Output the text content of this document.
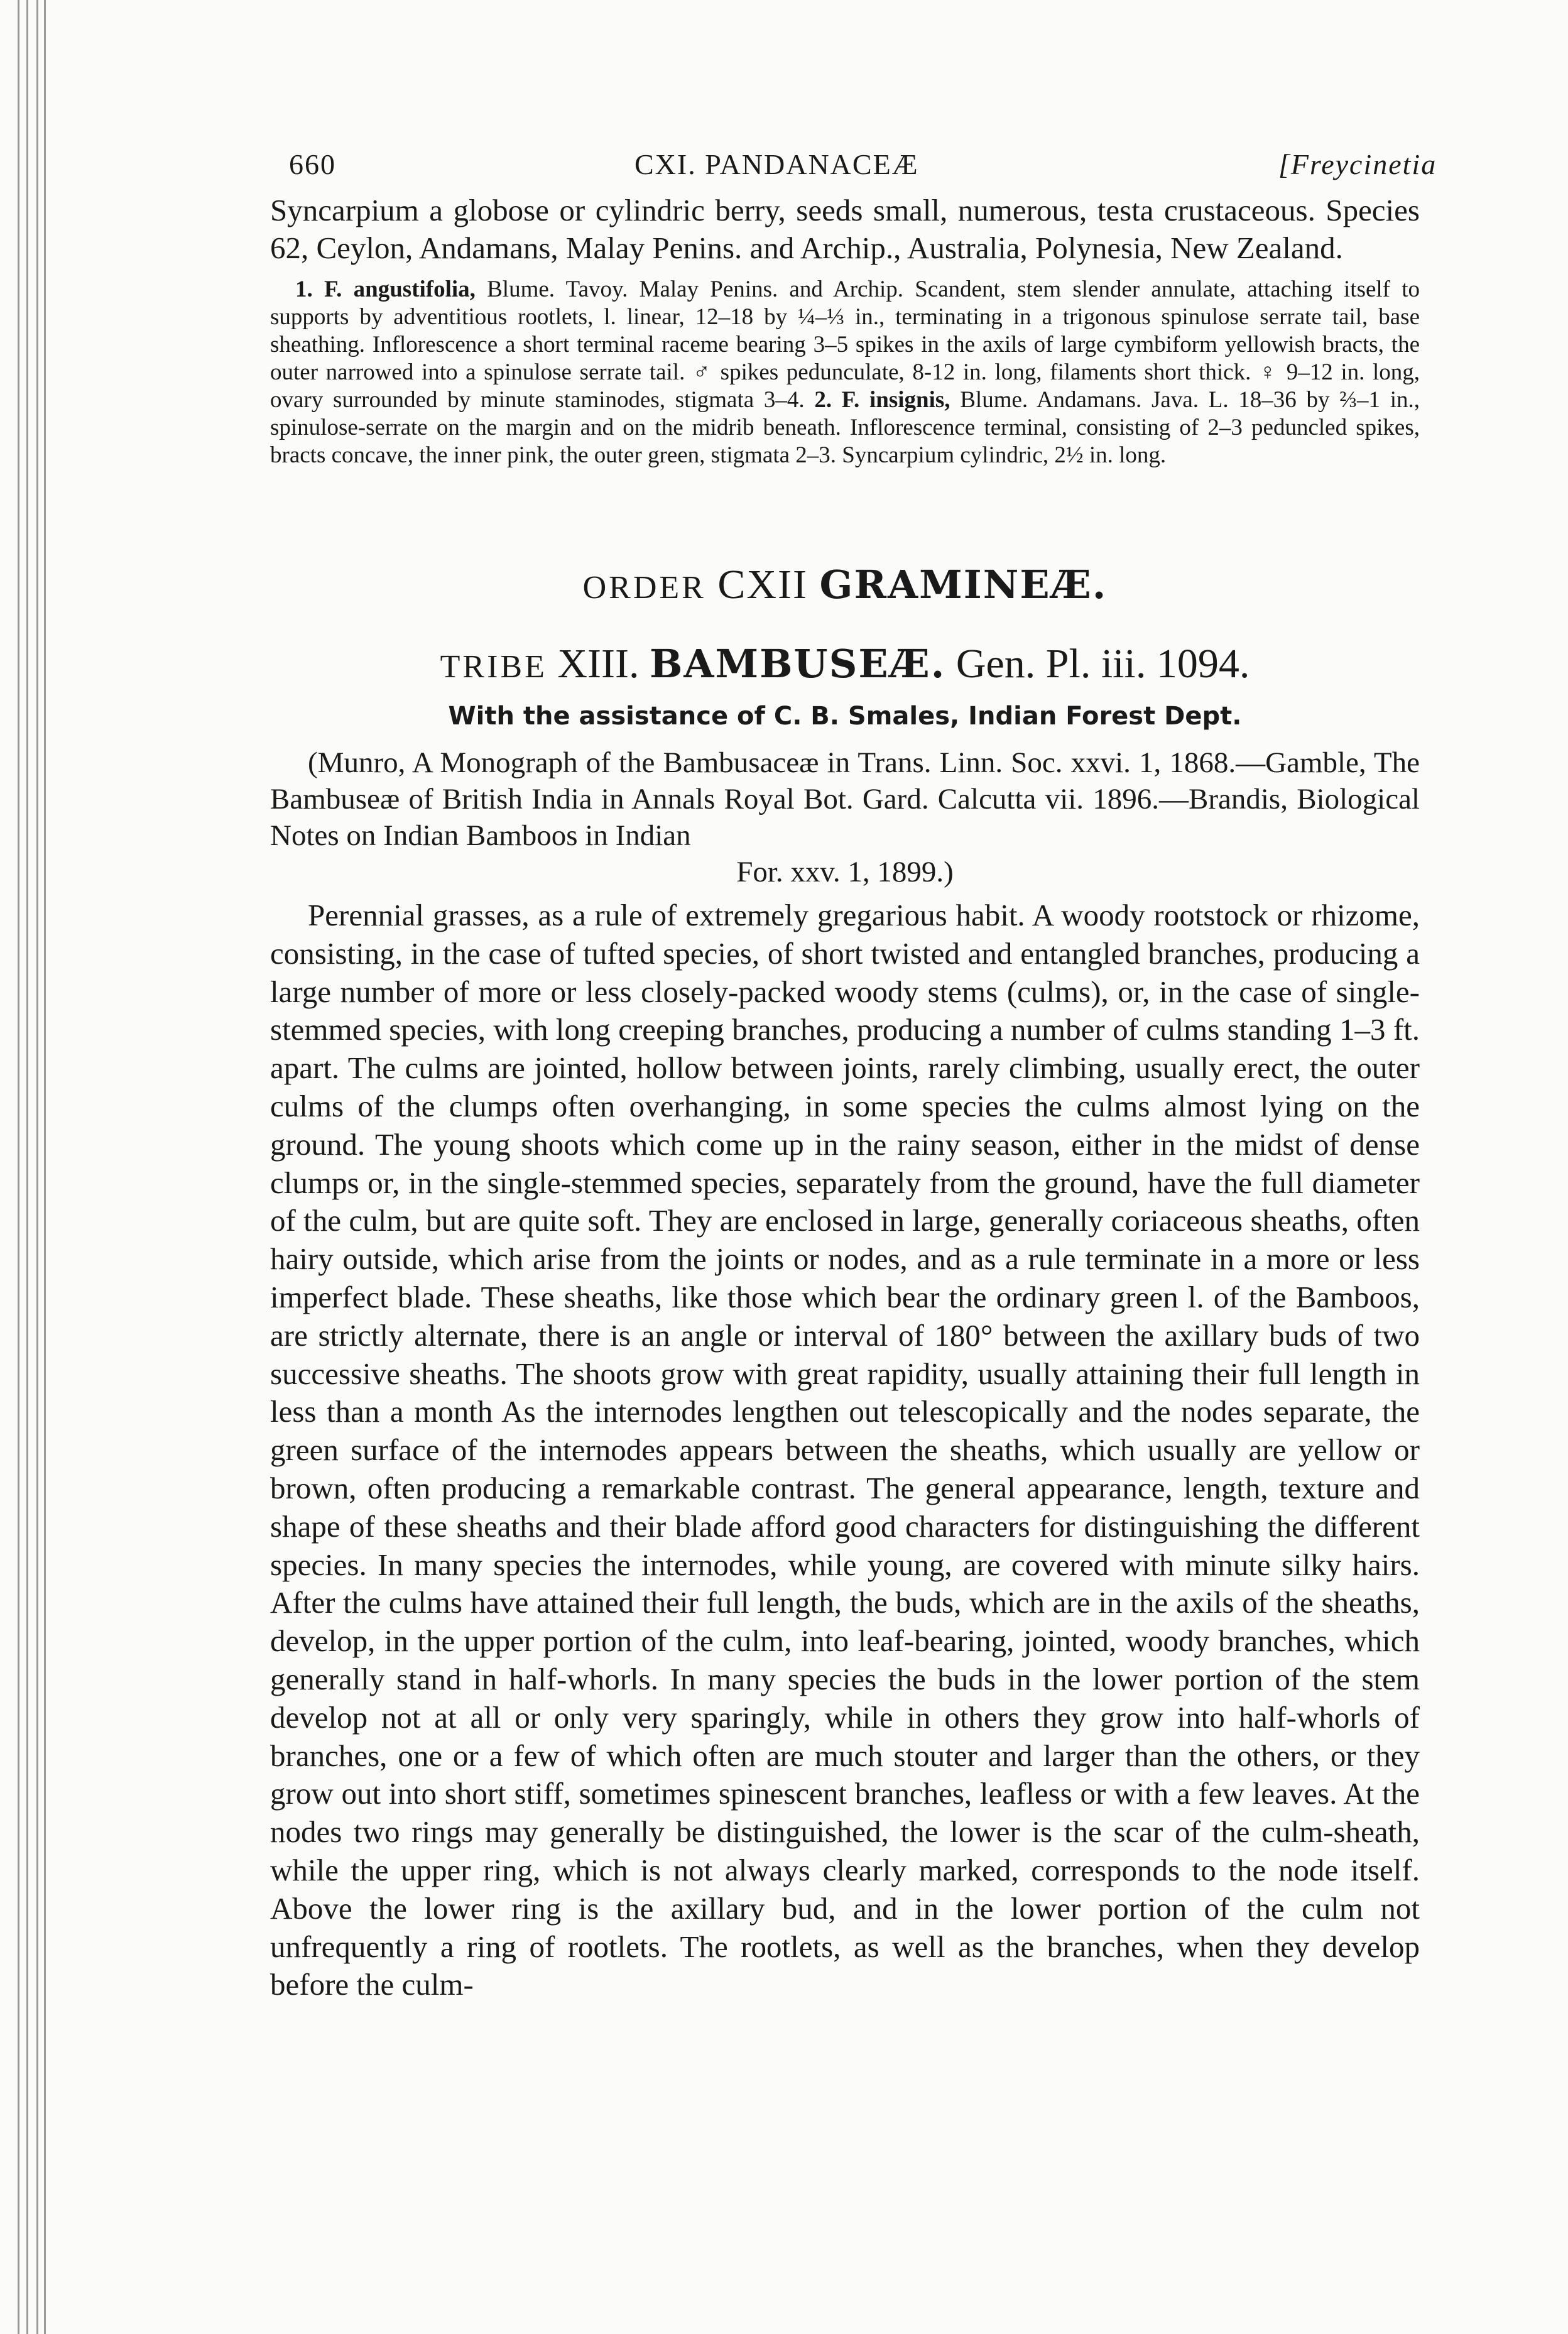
660	CXI. PANDANACEÆ	[Freycinetia

Syncarpium a globose or cylindric berry, seeds small, numerous, testa crustaceous. Species 62, Ceylon, Andamans, Malay Penins. and Archip., Australia, Polynesia, New Zealand.

1. F. angustifolia, Blume. Tavoy. Malay Penins. and Archip. Scandent, stem slender annulate, attaching itself to supports by adventitious rootlets, l. linear, 12–18 by ¼–⅓ in., terminating in a trigonous spinulose serrate tail, base sheathing. Inflorescence a short terminal raceme bearing 3–5 spikes in the axils of large cymbiform yellowish bracts, the outer narrowed into a spinulose serrate tail. ♂ spikes pedunculate, 8-12 in. long, filaments short thick. ♀ 9–12 in. long, ovary surrounded by minute staminodes, stigmata 3–4. 2. F. insignis, Blume. Andamans. Java. L. 18–36 by ⅔–1 in., spinulose-serrate on the margin and on the midrib beneath. Inflorescence terminal, consisting of 2–3 peduncled spikes, bracts concave, the inner pink, the outer green, stigmata 2–3. Syncarpium cylindric, 2½ in. long.

ORDER CXII GRAMINEÆ.
TRIBE XIII. BAMBUSEÆ. Gen. Pl. iii. 1094.
With the assistance of C. B. Smales, Indian Forest Dept.
(Munro, A Monograph of the Bambusaceæ in Trans. Linn. Soc. xxvi. 1, 1868.—Gamble, The Bambuseæ of British India in Annals Royal Bot. Gard. Calcutta vii. 1896.—Brandis, Biological Notes on Indian Bamboos in Indian
For. xxv. 1, 1899.)
Perennial grasses, as a rule of extremely gregarious habit. A woody rootstock or rhizome, consisting, in the case of tufted species, of short twisted and entangled branches, producing a large number of more or less closely-packed woody stems (culms), or, in the case of single-stemmed species, with long creeping branches, producing a number of culms standing 1–3 ft. apart. The culms are jointed, hollow between joints, rarely climbing, usually erect, the outer culms of the clumps often overhanging, in some species the culms almost lying on the ground. The young shoots which come up in the rainy season, either in the midst of dense clumps or, in the single-stemmed species, separately from the ground, have the full diameter of the culm, but are quite soft. They are enclosed in large, generally coriaceous sheaths, often hairy outside, which arise from the joints or nodes, and as a rule terminate in a more or less imperfect blade. These sheaths, like those which bear the ordinary green l. of the Bamboos, are strictly alternate, there is an angle or interval of 180° between the axillary buds of two successive sheaths. The shoots grow with great rapidity, usually attaining their full length in less than a month As the internodes lengthen out telescopically and the nodes separate, the green surface of the internodes appears between the sheaths, which usually are yellow or brown, often producing a remarkable contrast. The general appearance, length, texture and shape of these sheaths and their blade afford good characters for distinguishing the different species. In many species the internodes, while young, are covered with minute silky hairs. After the culms have attained their full length, the buds, which are in the axils of the sheaths, develop, in the upper portion of the culm, into leaf-bearing, jointed, woody branches, which generally stand in half-whorls. In many species the buds in the lower portion of the stem develop not at all or only very sparingly, while in others they grow into half-whorls of branches, one or a few of which often are much stouter and larger than the others, or they grow out into short stiff, sometimes spinescent branches, leafless or with a few leaves. At the nodes two rings may generally be distinguished, the lower is the scar of the culm-sheath, while the upper ring, which is not always clearly marked, corresponds to the node itself. Above the lower ring is the axillary bud, and in the lower portion of the culm not unfrequently a ring of rootlets. The rootlets, as well as the branches, when they develop before the culm-
